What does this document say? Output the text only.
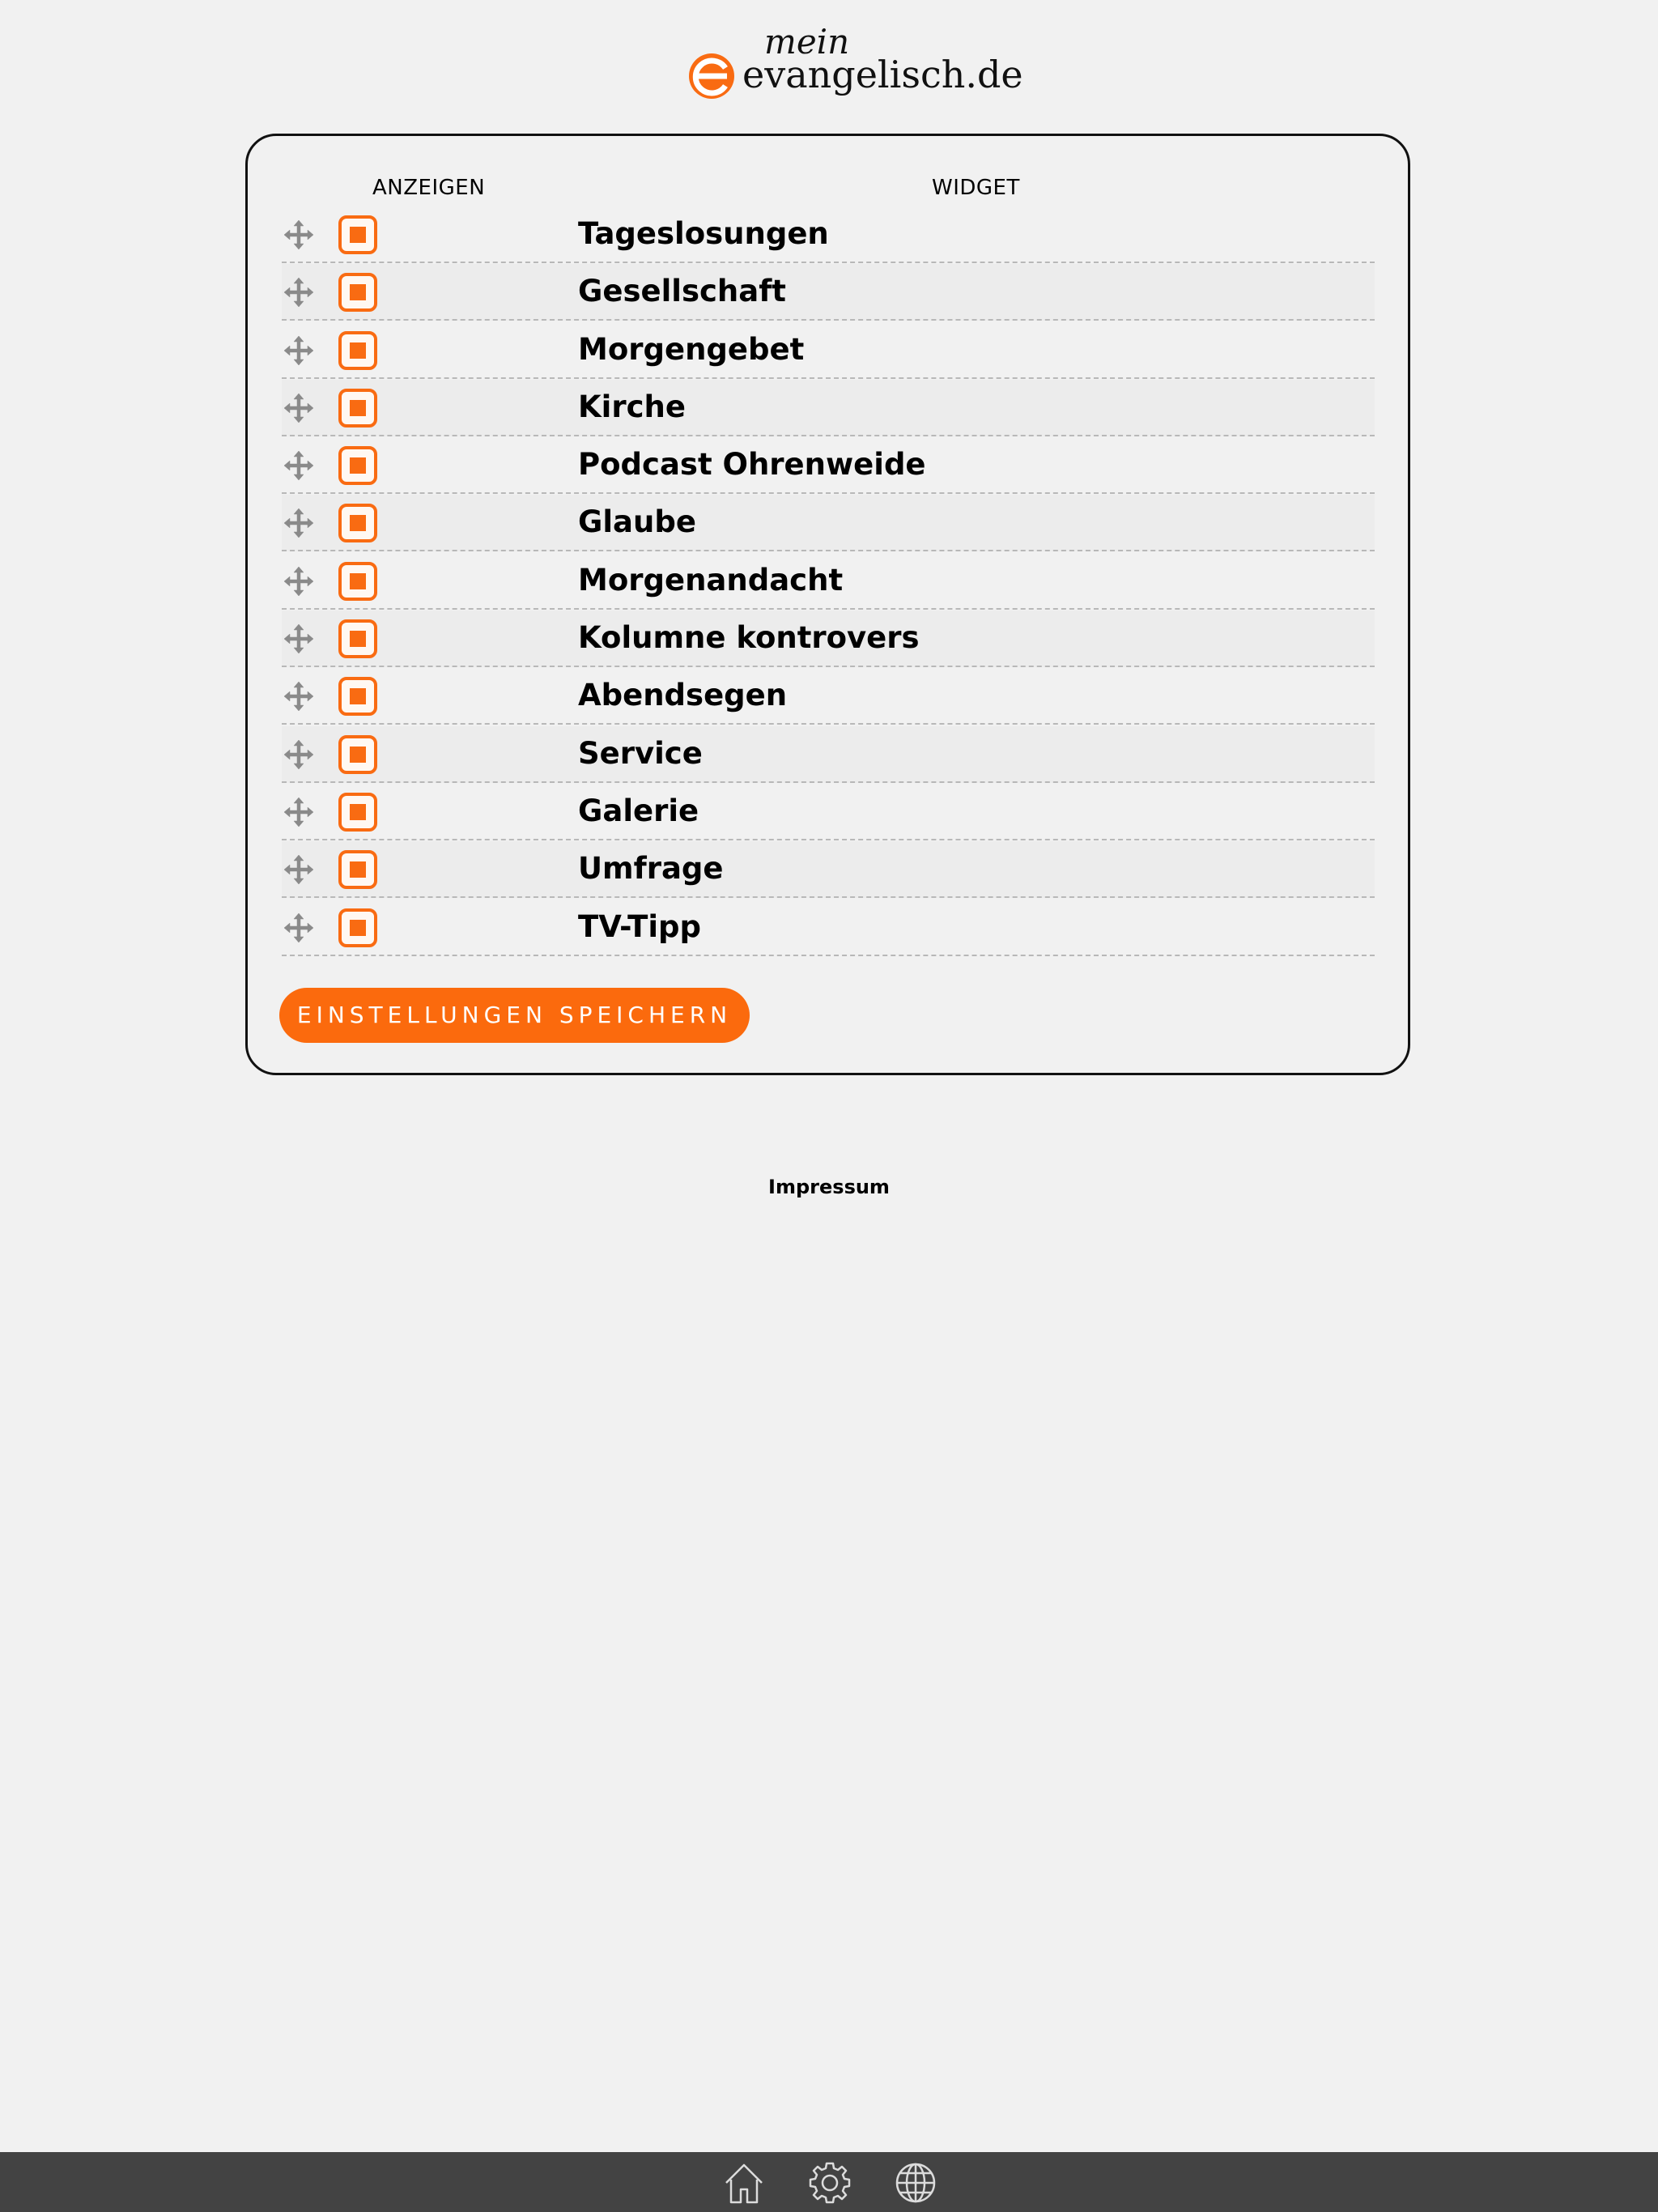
mein
evangelisch.de
ANZEIGEN	WIDGET
Tageslosungen
Gesellschaft
Morgengebet
Kirche
Podcast Ohrenweide
Glaube
Morgenandacht
Kolumne kontrovers
Abendsegen
Service
Galerie
Umfrage
TV-Tipp
EINSTELLUNGEN SPEICHERN
Impressum
